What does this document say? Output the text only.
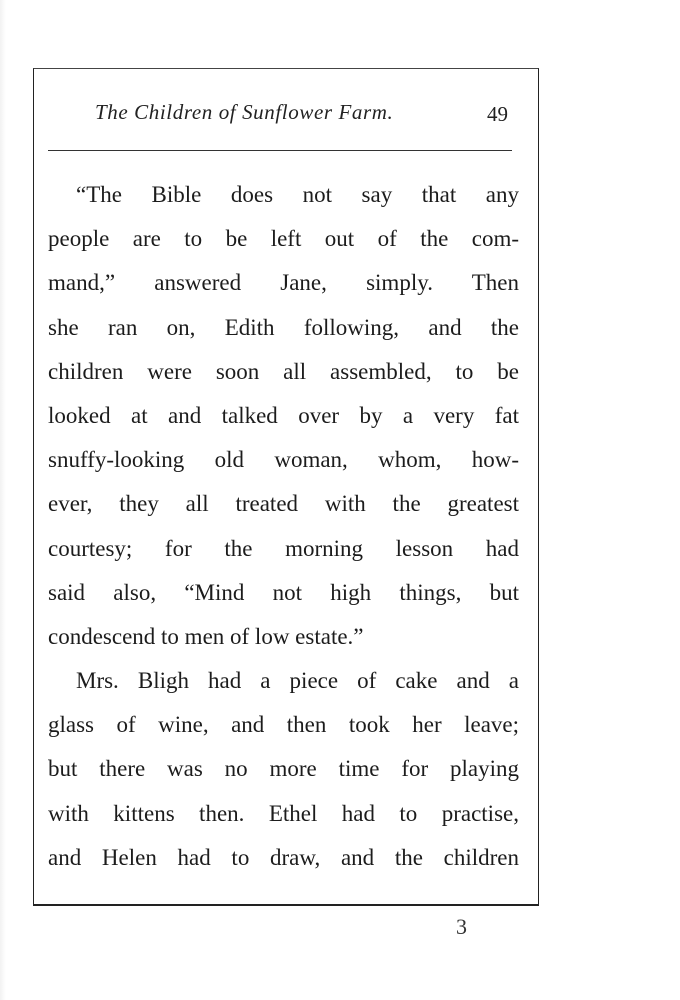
The Children of Sunflower Farm.	49
“The Bible does not say that any
people are to be left out of the com-
mand,” answered Jane, simply. Then
she ran on, Edith following, and the
children were soon all assembled, to be
looked at and talked over by a very fat
snuffy-looking old woman, whom, how-
ever, they all treated with the greatest
courtesy; for the morning lesson had
said also, “Mind not high things, but
condescend to men of low estate.”
Mrs. Bligh had a piece of cake and a
glass of wine, and then took her leave;
but there was no more time for playing
with kittens then. Ethel had to practise,
and Helen had to draw, and the children
3
